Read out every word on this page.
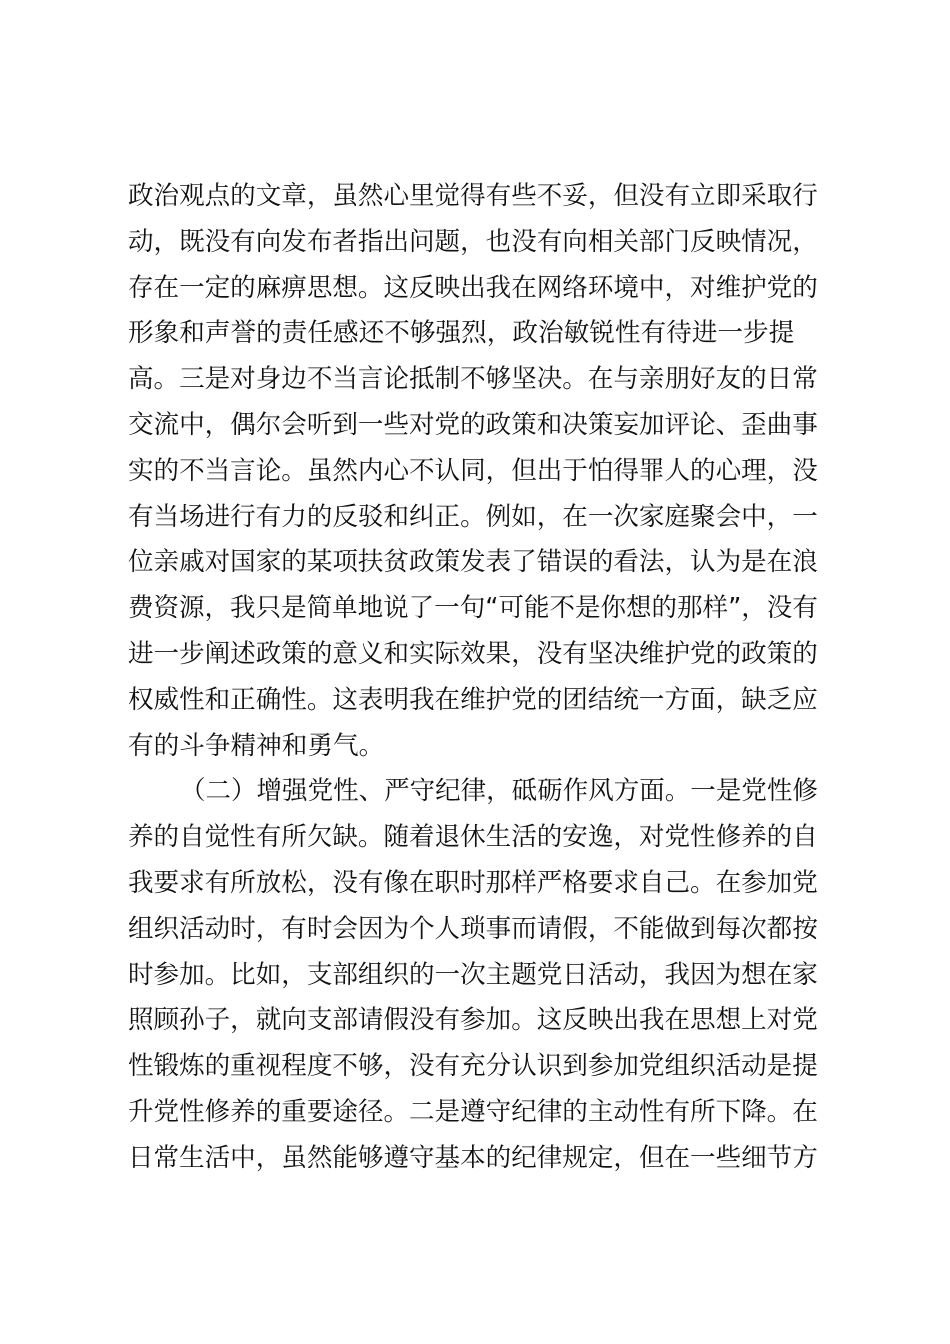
政治观点的文章，虽然心里觉得有些不妥，但没有立即采取行
动，既没有向发布者指出问题，也没有向相关部门反映情况，
存在一定的麻痹思想。这反映出我在网络环境中，对维护党的
形象和声誉的责任感还不够强烈，政治敏锐性有待进一步提
高。三是对身边不当言论抵制不够坚决。在与亲朋好友的日常
交流中，偶尔会听到一些对党的政策和决策妄加评论、歪曲事
实的不当言论。虽然内心不认同，但出于怕得罪人的心理，没
有当场进行有力的反驳和纠正。例如，在一次家庭聚会中，一
位亲戚对国家的某项扶贫政策发表了错误的看法，认为是在浪
费资源，我只是简单地说了一句“可能不是你想的那样”，没有
进一步阐述政策的意义和实际效果，没有坚决维护党的政策的
权威性和正确性。这表明我在维护党的团结统一方面，缺乏应
有的斗争精神和勇气。
（二）增强党性、严守纪律，砥砺作风方面。一是党性修
养的自觉性有所欠缺。随着退休生活的安逸，对党性修养的自
我要求有所放松，没有像在职时那样严格要求自己。在参加党
组织活动时，有时会因为个人琐事而请假，不能做到每次都按
时参加。比如，支部组织的一次主题党日活动，我因为想在家
照顾孙子，就向支部请假没有参加。这反映出我在思想上对党
性锻炼的重视程度不够，没有充分认识到参加党组织活动是提
升党性修养的重要途径。二是遵守纪律的主动性有所下降。在
日常生活中，虽然能够遵守基本的纪律规定，但在一些细节方
